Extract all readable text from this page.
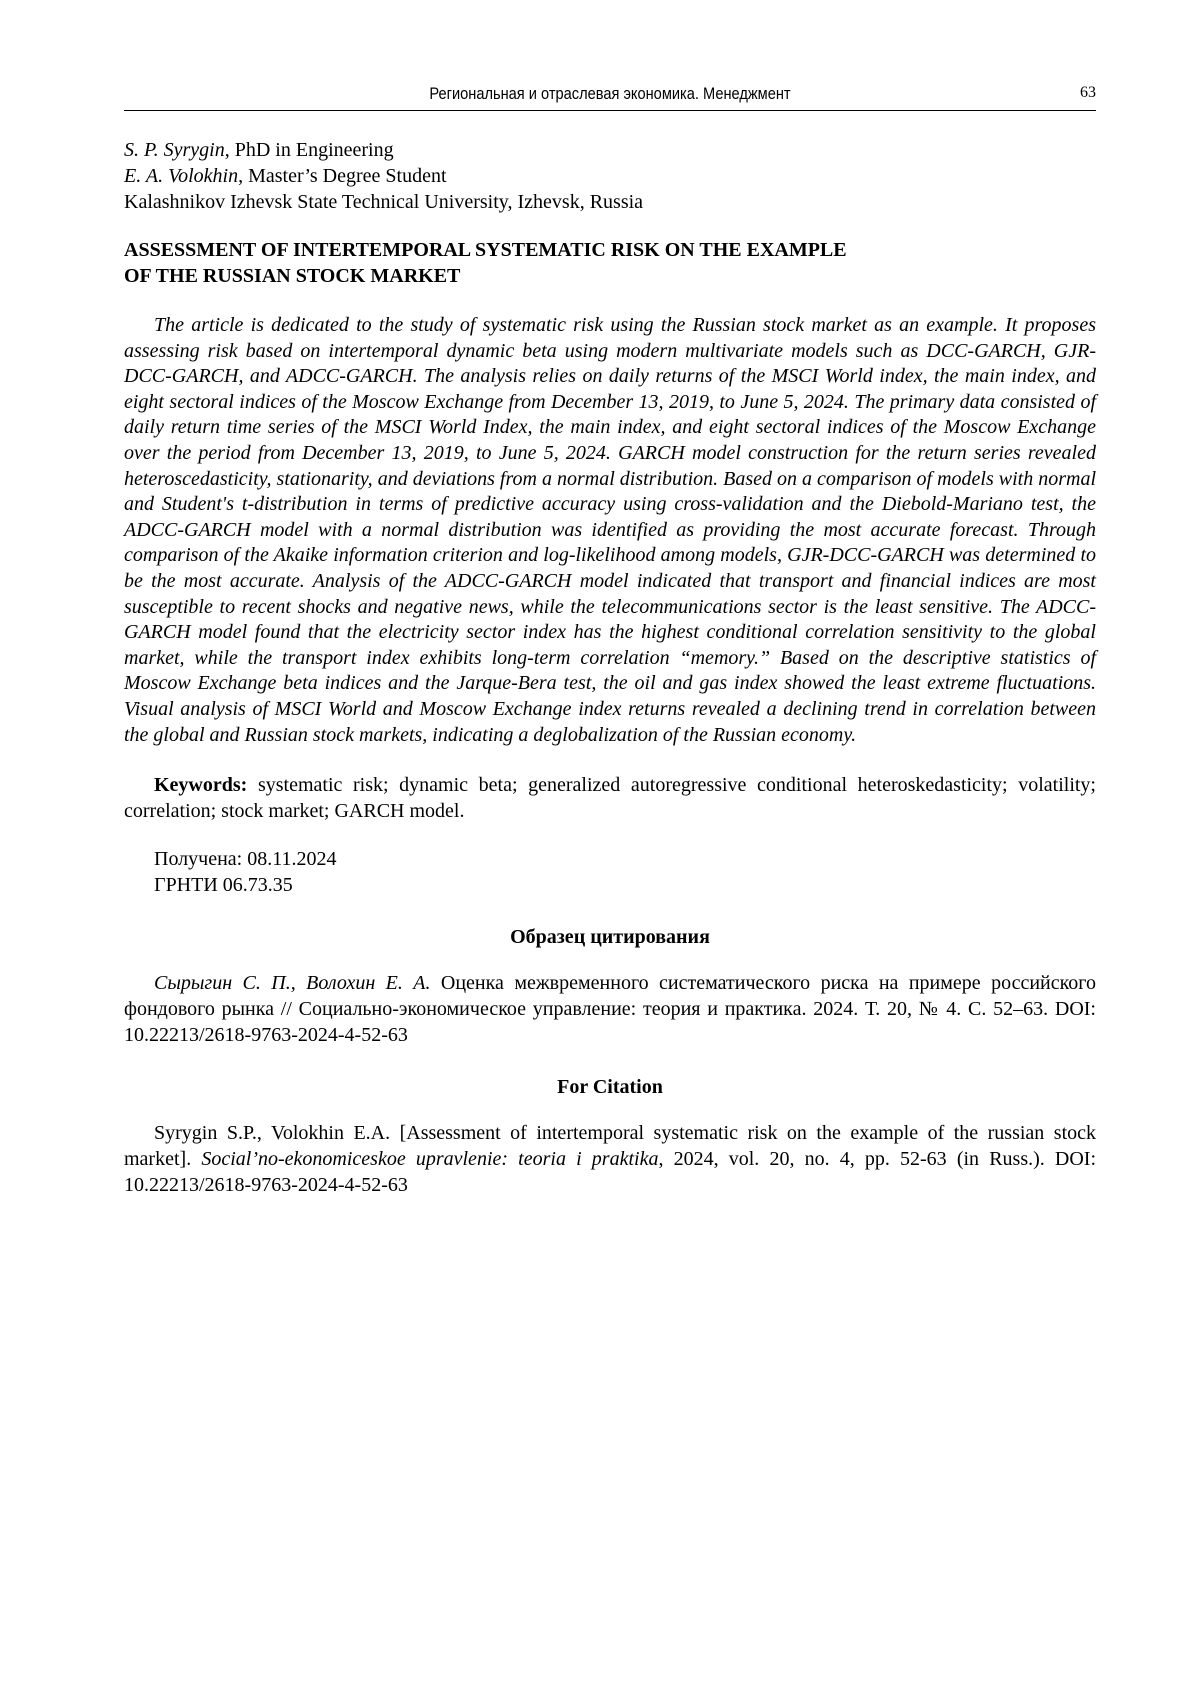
Региональная и отраслевая экономика. Менеджмент	63
S. P. Syrygin, PhD in Engineering
E. A. Volokhin, Master’s Degree Student
Kalashnikov Izhevsk State Technical University, Izhevsk, Russia
ASSESSMENT OF INTERTEMPORAL SYSTEMATIC RISK ON THE EXAMPLE
OF THE RUSSIAN STOCK MARKET

The article is dedicated to the study of systematic risk using the Russian stock market as an example. It proposes assessing risk based on intertemporal dynamic beta using modern multivariate models such as DCC-GARCH, GJR-DCC-GARCH, and ADCC-GARCH. The analysis relies on daily returns of the MSCI World index, the main index, and eight sectoral indices of the Moscow Exchange from December 13, 2019, to June 5, 2024. The primary data consisted of daily return time series of the MSCI World Index, the main index, and eight sectoral indices of the Moscow Exchange over the period from December 13, 2019, to June 5, 2024. GARCH model construction for the return series revealed heteroscedasticity, stationarity, and deviations from a normal distribution. Based on a comparison of models with normal and Student's t-distribution in terms of predictive accuracy using cross-validation and the Diebold-Mariano test, the ADCC-GARCH model with a normal distribution was identified as providing the most accurate forecast. Through comparison of the Akaike information criterion and log-likelihood among models, GJR-DCC-GARCH was determined to be the most accurate. Analysis of the ADCC-GARCH model indicated that transport and financial indices are most susceptible to recent shocks and negative news, while the telecommunications sector is the least sensitive. The ADCC-GARCH model found that the electricity sector index has the highest conditional correlation sensitivity to the global market, while the transport index exhibits long-term correlation “memory.” Based on the descriptive statistics of Moscow Exchange beta indices and the Jarque-Bera test, the oil and gas index showed the least extreme fluctuations. Visual analysis of MSCI World and Moscow Exchange index returns revealed a declining trend in correlation between the global and Russian stock markets, indicating a deglobalization of the Russian economy.

Keywords: systematic risk; dynamic beta; generalized autoregressive conditional heteroskedasticity; volatility; correlation; stock market; GARCH model.

Получена: 08.11.2024
ГРНТИ 06.73.35
Образец цитирования

Сырыгин С. П., Волохин Е. А. Оценка межвременного систематического риска на примере российского фондового рынка // Социально-экономическое управление: теория и практика. 2024. Т. 20, № 4. С. 52–63. DOI: 10.22213/2618-9763-2024-4-52-63

For Citation

Syrygin S.P., Volokhin E.A. [Assessment of intertemporal systematic risk on the example of the russian stock market]. Social’no-ekonomiceskoe upravlenie: teoria i praktika, 2024, vol. 20, no. 4, pp. 52-63 (in Russ.). DOI: 10.22213/2618-9763-2024-4-52-63
